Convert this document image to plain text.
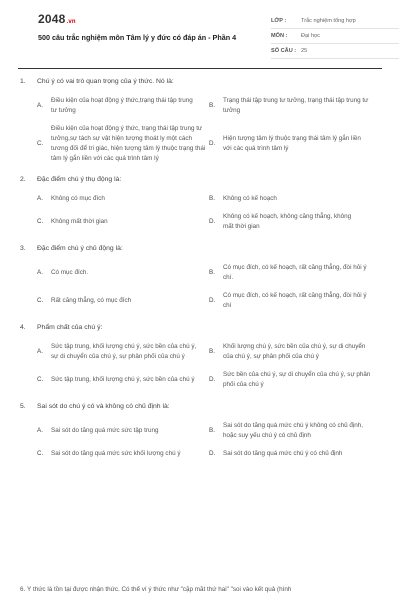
2048.vn
500 câu trắc nghiệm môn Tâm lý y đức có đáp án - Phần 4
LỚP :	Trắc nghiệm tổng hợp
MÔN :	Đại học
SỐ CÂU : 25
1.	Chú ý có vai trò quan trọng của ý thức. Nó là:
A.
Điều kiện của hoạt động ý thức,trạng thái tập trung tư tưởng
B.
Trạng thái tập trung tư tưởng, trạng thái tập trung tư tưởng
C.
Điều kiện của hoạt động ý thức, trạng thái tập trung tư tưởng,sự tách sự vật hiện tượng thoát ly một cách tương đối để tri giác, hiện tượng tâm lý thuộc trạng thái tâm lý gắn liền với các quá trình tâm lý
D.
Hiện tượng tâm lý thuộc trạng thái tâm lý gắn liền với các quá trình tâm lý
2.	Đặc điểm chú ý thụ động là:
A.	Không có mục đích	B.	Không có kế hoạch
C.	Không mất thời gian	D.
Không có kế hoạch, không căng thẳng, không mất thời gian
3.	Đặc điểm chú ý chủ động là:
A.	Có mục đích.	B.
Có mục đích, có kế hoạch, rất căng thẳng, đòi hỏi ý chí.
C.	Rất căng thẳng, có mục đích	D.
Có mục đích, có kế hoạch, rất căng thẳng, đòi hỏi ý chí
4.	Phẩm chất của chú ý:
A.
Sức tập trung, khối lượng chú ý, sức bền của chú ý, sự di chuyển của chú ý, sự phân phối của chú ý
B.
Khối lượng chú ý, sức bền của chú ý, sự di chuyển của chú ý, sự phân phối của chú ý
C.	Sức tập trung, khối lượng chú ý, sức bền của chú ý	D.
Sức bền của chú ý, sự di chuyển của chú ý, sự phân phối của chú ý
5.	Sai sót do chú ý có và không có chủ định là:
A.	Sai sót do tăng quá mức sức tập trung	B.
Sai sót do tăng quá mức chú ý không có chủ định, hoặc suy yếu chú ý có chủ định
C.	Sai sót do tăng quá mức sức khối lượng chú ý	D.	Sai sót do tăng quá mức chú ý có chủ định
6. Ý thức là tồn tại được nhận thức. Có thể ví ý thức như "cặp mắt thứ hai" "soi vào kết quả (hình
